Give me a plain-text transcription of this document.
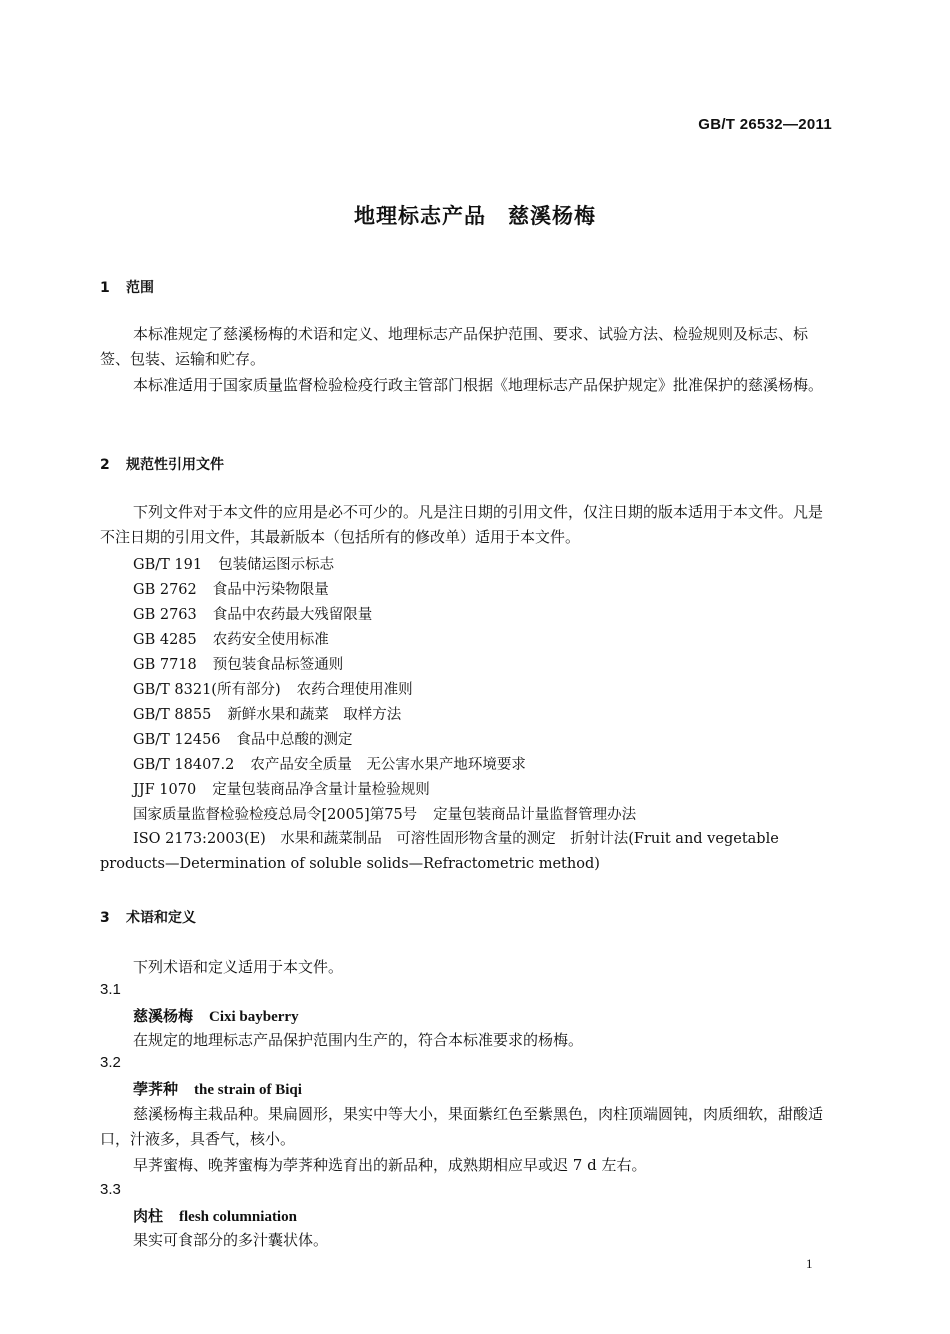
GB/T 26532—2011
地理标志产品　慈溪杨梅
1 范围
本标准规定了慈溪杨梅的术语和定义、地理标志产品保护范围、要求、试验方法、检验规则及标志、标签、包装、运输和贮存。
本标准适用于国家质量监督检验检疫行政主管部门根据《地理标志产品保护规定》批准保护的慈溪杨梅。
2 规范性引用文件
下列文件对于本文件的应用是必不可少的。凡是注日期的引用文件，仅注日期的版本适用于本文件。凡是不注日期的引用文件，其最新版本（包括所有的修改单）适用于本文件。
GB/T 191 包装储运图示标志
GB 2762 食品中污染物限量
GB 2763 食品中农药最大残留限量
GB 4285 农药安全使用标准
GB 7718 预包装食品标签通则
GB/T 8321(所有部分) 农药合理使用准则
GB/T 8855 新鲜水果和蔬菜　取样方法
GB/T 12456 食品中总酸的测定
GB/T 18407.2 农产品安全质量　无公害水果产地环境要求
JJF 1070 定量包装商品净含量计量检验规则
国家质量监督检验检疫总局令[2005]第75号 定量包装商品计量监督管理办法
ISO 2173:2003(E)　水果和蔬菜制品　可溶性固形物含量的测定　折射计法(Fruit and vegetable products—Determination of soluble solids—Refractometric method)
3 术语和定义
下列术语和定义适用于本文件。
3.1
慈溪杨梅 Cixi bayberry
在规定的地理标志产品保护范围内生产的，符合本标准要求的杨梅。
3.2
荸荠种 the strain of Biqi
慈溪杨梅主栽品种。果扁圆形，果实中等大小，果面紫红色至紫黑色，肉柱顶端圆钝，肉质细软，甜酸适口，汁液多，具香气，核小。
早荠蜜梅、晚荠蜜梅为荸荠种选育出的新品种，成熟期相应早或迟 7 d 左右。
3.3
肉柱 flesh columniation
果实可食部分的多汁囊状体。
1
